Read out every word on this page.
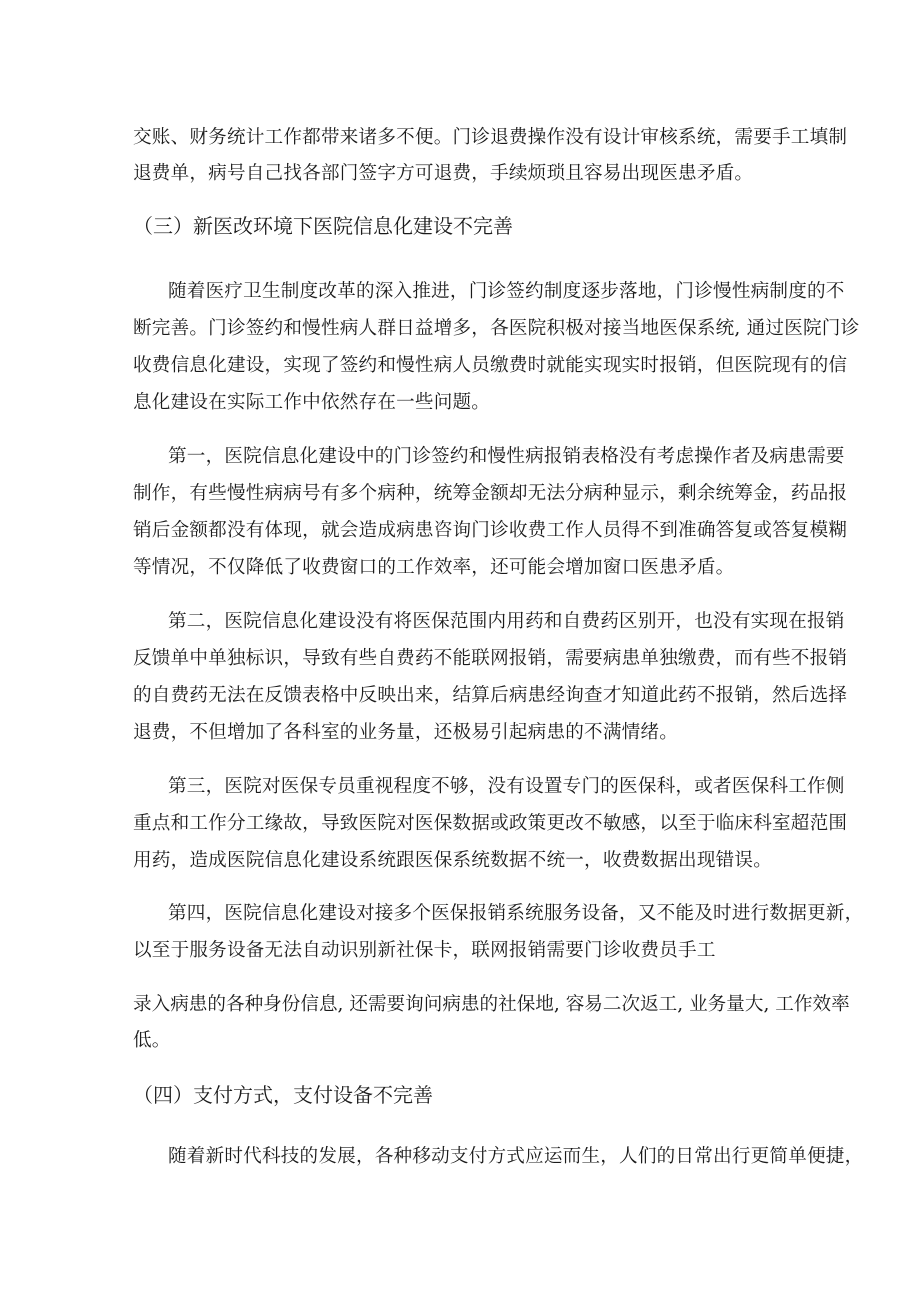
交账、财务统计工作都带来诸多不便。门诊退费操作没有设计审核系统，需要手工填制
退费单，病号自己找各部门签字方可退费，手续烦琐且容易出现医患矛盾。
（三）新医改环境下医院信息化建设不完善
随着医疗卫生制度改革的深入推进，门诊签约制度逐步落地，门诊慢性病制度的不
断完善。门诊签约和慢性病人群日益增多，各医院积极对接当地医保系统, 通过医院门诊
收费信息化建设，实现了签约和慢性病人员缴费时就能实现实时报销，但医院现有的信
息化建设在实际工作中依然存在一些问题。
第一，医院信息化建设中的门诊签约和慢性病报销表格没有考虑操作者及病患需要
制作，有些慢性病病号有多个病种，统筹金额却无法分病种显示，剩余统筹金，药品报
销后金额都没有体现，就会造成病患咨询门诊收费工作人员得不到准确答复或答复模糊
等情况，不仅降低了收费窗口的工作效率，还可能会增加窗口医患矛盾。
第二，医院信息化建设没有将医保范围内用药和自费药区别开，也没有实现在报销
反馈单中单独标识，导致有些自费药不能联网报销，需要病患单独缴费，而有些不报销
的自费药无法在反馈表格中反映出来，结算后病患经询查才知道此药不报销，然后选择
退费，不但增加了各科室的业务量，还极易引起病患的不满情绪。
第三，医院对医保专员重视程度不够，没有设置专门的医保科，或者医保科工作侧
重点和工作分工缘故，导致医院对医保数据或政策更改不敏感，以至于临床科室超范围
用药，造成医院信息化建设系统跟医保系统数据不统一，收费数据出现错误。
第四，医院信息化建设对接多个医保报销系统服务设备，又不能及时进行数据更新，
以至于服务设备无法自动识别新社保卡，联网报销需要门诊收费员手工
录入病患的各种身份信息, 还需要询问病患的社保地, 容易二次返工, 业务量大, 工作效率
低。
（四）支付方式，支付设备不完善
随着新时代科技的发展，各种移动支付方式应运而生，人们的日常出行更简单便捷，
